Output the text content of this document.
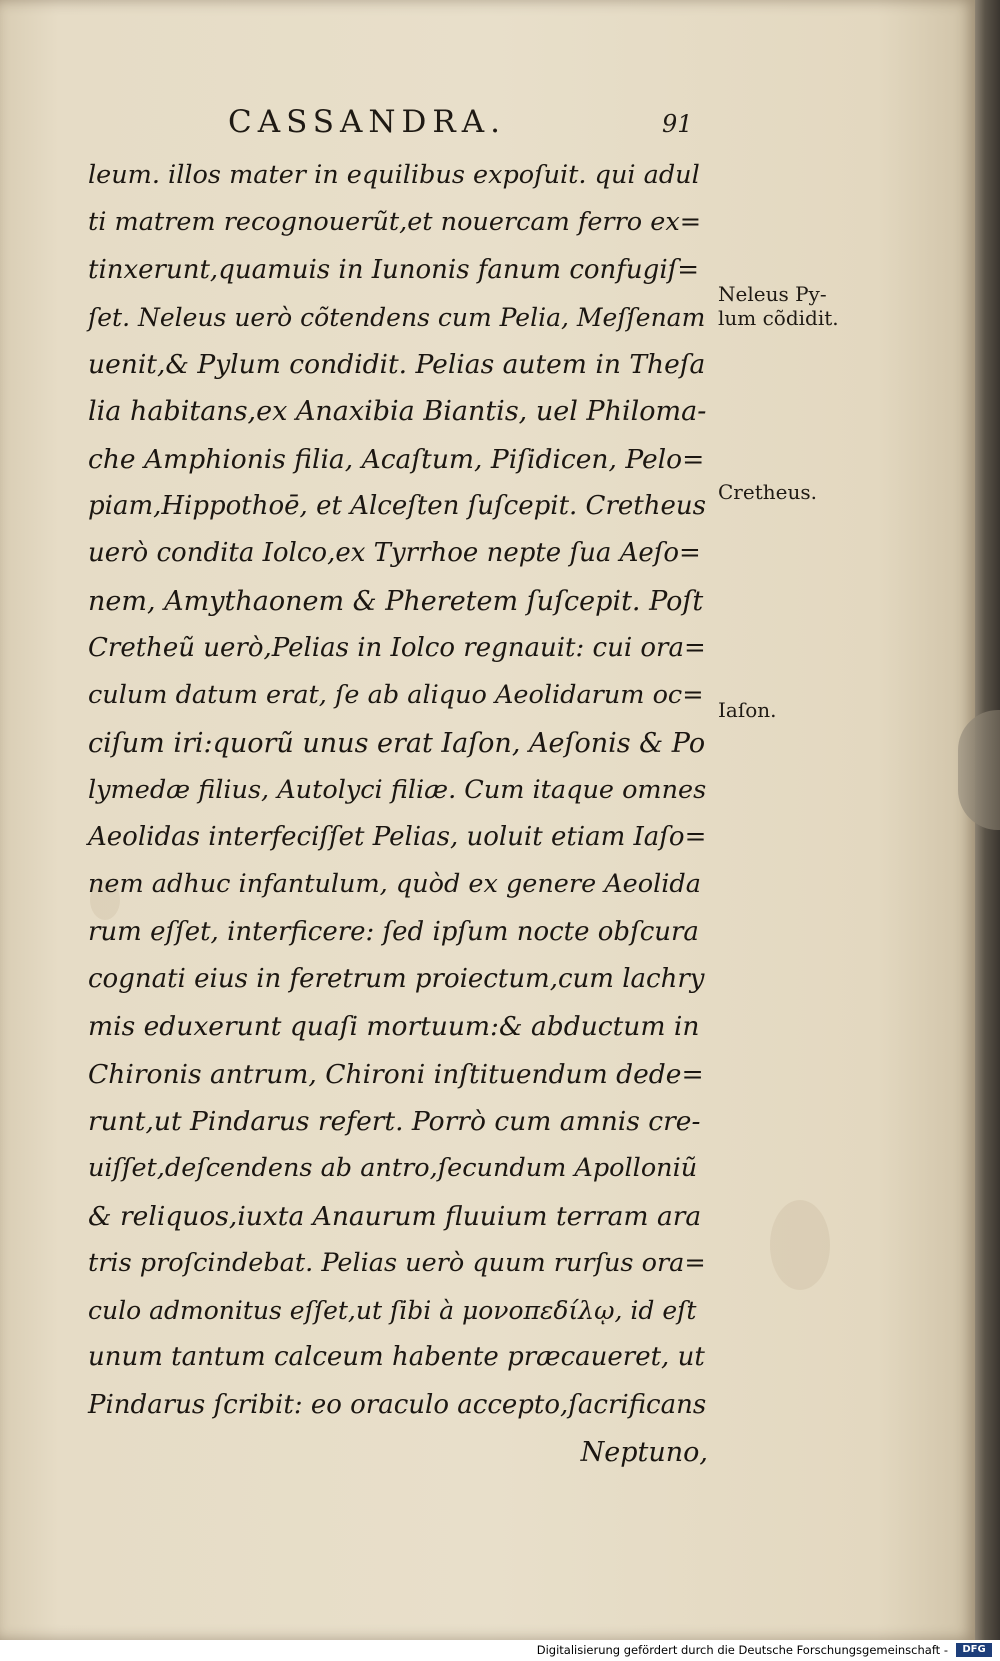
CASSANDRA.	91
leum. illos mater in equilibus expoſuit. qui adul
ti matrem recognouerũt,et nouercam ferro ex=
tinxerunt,quamuis in Iunonis fanum confugiſ=
ſet. Neleus uerò cõtendens cum Pelia, Meſſenam
uenit,& Pylum condidit. Pelias autem in Theſa
lia habitans,ex Anaxibia Biantis, uel Philoma-
che Amphionis filia, Acaſtum, Piſidicen, Pelo=
piam,Hippothoē, et Alceſten ſuſcepit. Cretheus
uerò condita Iolco,ex Tyrrhoe nepte ſua Aeſo=
nem, Amythaonem & Pheretem ſuſcepit. Poſt
Cretheũ uerò,Pelias in Iolco regnauit: cui ora=
culum datum erat, ſe ab aliquo Aeolidarum oc=
ciſum iri:quorũ unus erat Iaſon, Aeſonis & Po
lymedæ filius, Autolyci filiæ. Cum itaque omnes
Aeolidas interfeciſſet Pelias, uoluit etiam Iaſo=
nem adhuc infantulum, quòd ex genere Aeolida
rum eſſet, interficere: ſed ipſum nocte obſcura
cognati eius in feretrum proiectum,cum lachry
mis eduxerunt quaſi mortuum:& abductum in
Chironis antrum, Chironi inſtituendum dede=
runt,ut Pindarus refert. Porrò cum amnis cre-
uiſſet,deſcendens ab antro,ſecundum Apolloniũ
& reliquos,iuxta Anaurum fluuium terram ara
tris proſcindebat. Pelias uerò quum rurſus ora=
culo admonitus eſſet,ut ſibi à μονοπεδίλῳ, id eſt
unum tantum calceum habente præcaueret, ut
Pindarus ſcribit: eo oraculo accepto,ſacrificans
Neptuno,
Neleus Py-
lum cõdidit.
Cretheus.
Iaſon.
Digitalisierung gefördert durch die Deutsche Forschungsgemeinschaft -	DFG
